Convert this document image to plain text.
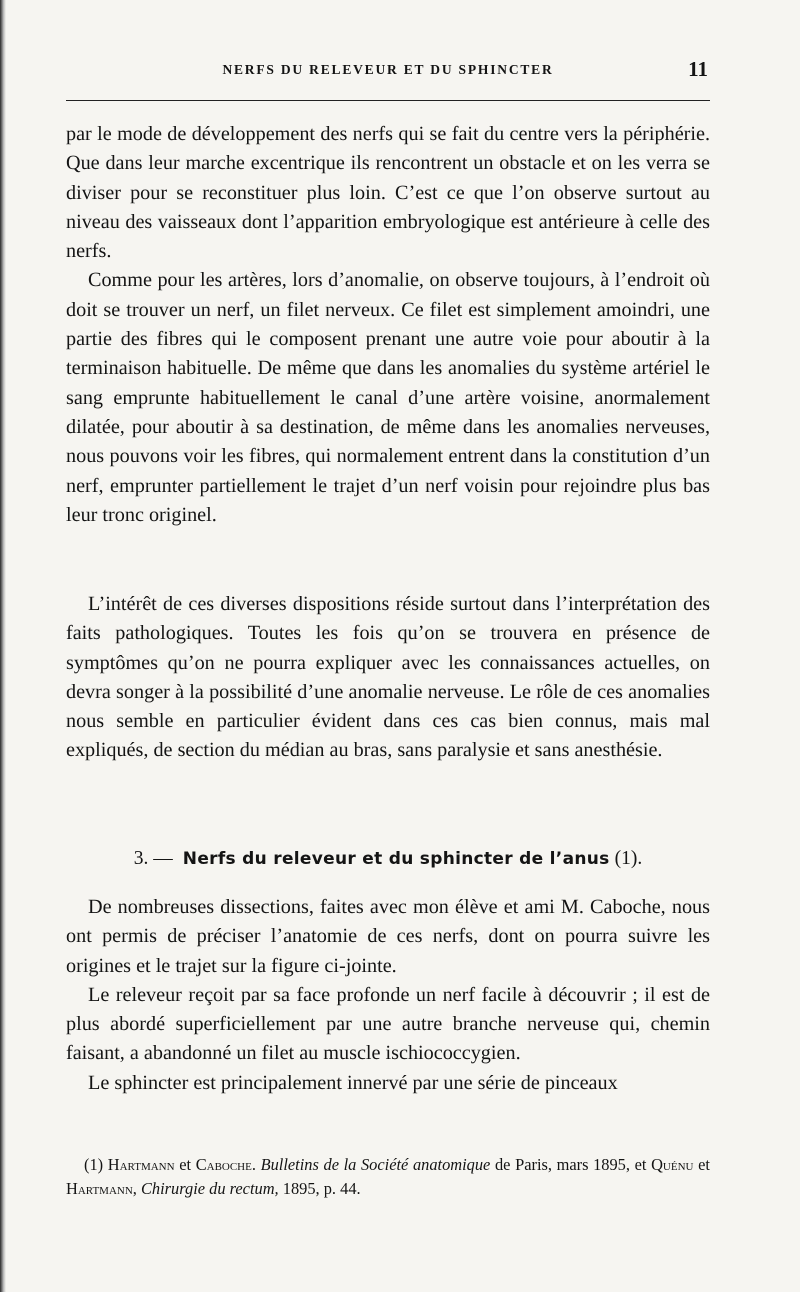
NERFS DU RELEVEUR ET DU SPHINCTER	11

par le mode de développement des nerfs qui se fait du centre vers la périphérie. Que dans leur marche excentrique ils rencontrent un obstacle et on les verra se diviser pour se reconstituer plus loin. C’est ce que l’on observe surtout au niveau des vaisseaux dont l’apparition embryologique est antérieure à celle des nerfs.

Comme pour les artères, lors d’anomalie, on observe toujours, à l’endroit où doit se trouver un nerf, un filet nerveux. Ce filet est simplement amoindri, une partie des fibres qui le composent prenant une autre voie pour aboutir à la terminaison habituelle. De même que dans les anomalies du système artériel le sang emprunte habituellement le canal d’une artère voisine, anormalement dilatée, pour aboutir à sa destination, de même dans les anomalies nerveuses, nous pouvons voir les fibres, qui normalement entrent dans la constitution d’un nerf, emprunter partiellement le trajet d’un nerf voisin pour rejoindre plus bas leur tronc originel.

L’intérêt de ces diverses dispositions réside surtout dans l’interprétation des faits pathologiques. Toutes les fois qu’on se trouvera en présence de symptômes qu’on ne pourra expliquer avec les connaissances actuelles, on devra songer à la possibilité d’une anomalie nerveuse. Le rôle de ces anomalies nous semble en particulier évident dans ces cas bien connus, mais mal expliqués, de section du médian au bras, sans paralysie et sans anesthésie.

3. — Nerfs du releveur et du sphincter de l’anus (1).

De nombreuses dissections, faites avec mon élève et ami M. Caboche, nous ont permis de préciser l’anatomie de ces nerfs, dont on pourra suivre les origines et le trajet sur la figure ci-jointe.

Le releveur reçoit par sa face profonde un nerf facile à découvrir ; il est de plus abordé superficiellement par une autre branche nerveuse qui, chemin faisant, a abandonné un filet au muscle ischiococcygien.

Le sphincter est principalement innervé par une série de pinceaux

(1) Hartmann et Caboche. Bulletins de la Société anatomique de Paris, mars 1895, et Quénu et Hartmann, Chirurgie du rectum, 1895, p. 44.
